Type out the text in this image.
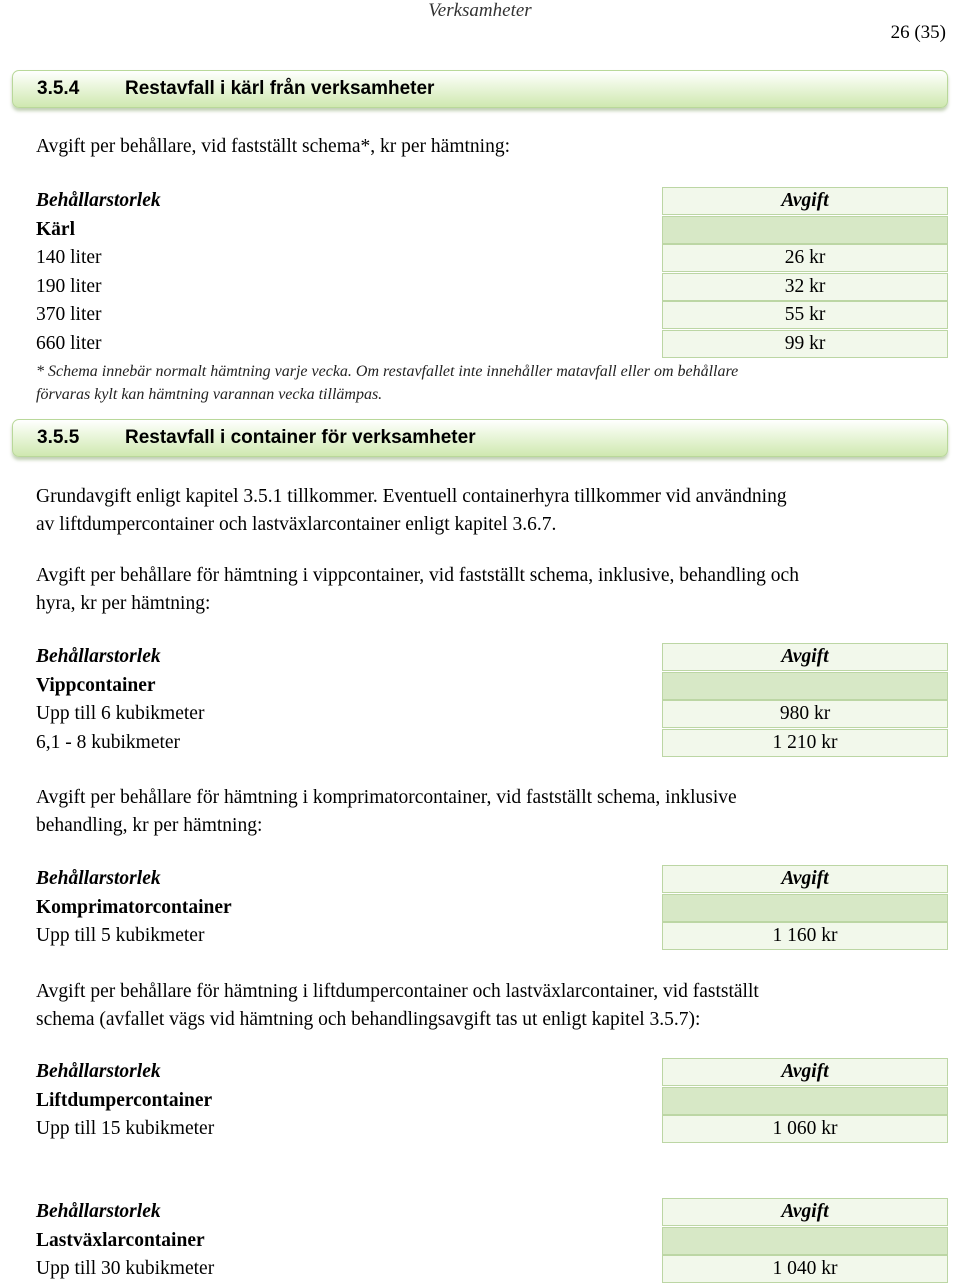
Verksamheter
26 (35)
3.5.4 Restavfall i kärl från verksamheter
Avgift per behållare, vid fastställt schema*, kr per hämtning:
Behållarstorlek	Avgift
Kärl
140 liter	26 kr
190 liter	32 kr
370 liter	55 kr
660 liter	99 kr
* Schema innebär normalt hämtning varje vecka. Om restavfallet inte innehåller matavfall eller om behållare
förvaras kylt kan hämtning varannan vecka tillämpas.
3.5.5 Restavfall i container för verksamheter
Grundavgift enligt kapitel 3.5.1 tillkommer. Eventuell containerhyra tillkommer vid användning
av liftdumpercontainer och lastväxlarcontainer enligt kapitel 3.6.7.
Avgift per behållare för hämtning i vippcontainer, vid fastställt schema, inklusive, behandling och
hyra, kr per hämtning:
Behållarstorlek	Avgift
Vippcontainer
Upp till 6 kubikmeter	980 kr
6,1 - 8 kubikmeter	1 210 kr
Avgift per behållare för hämtning i komprimatorcontainer, vid fastställt schema, inklusive
behandling, kr per hämtning:
Behållarstorlek	Avgift
Komprimatorcontainer
Upp till 5 kubikmeter	1 160 kr
Avgift per behållare för hämtning i liftdumpercontainer och lastväxlarcontainer, vid fastställt
schema (avfallet vägs vid hämtning och behandlingsavgift tas ut enligt kapitel 3.5.7):
Behållarstorlek	Avgift
Liftdumpercontainer
Upp till 15 kubikmeter	1 060 kr
Behållarstorlek	Avgift
Lastväxlarcontainer
Upp till 30 kubikmeter	1 040 kr
